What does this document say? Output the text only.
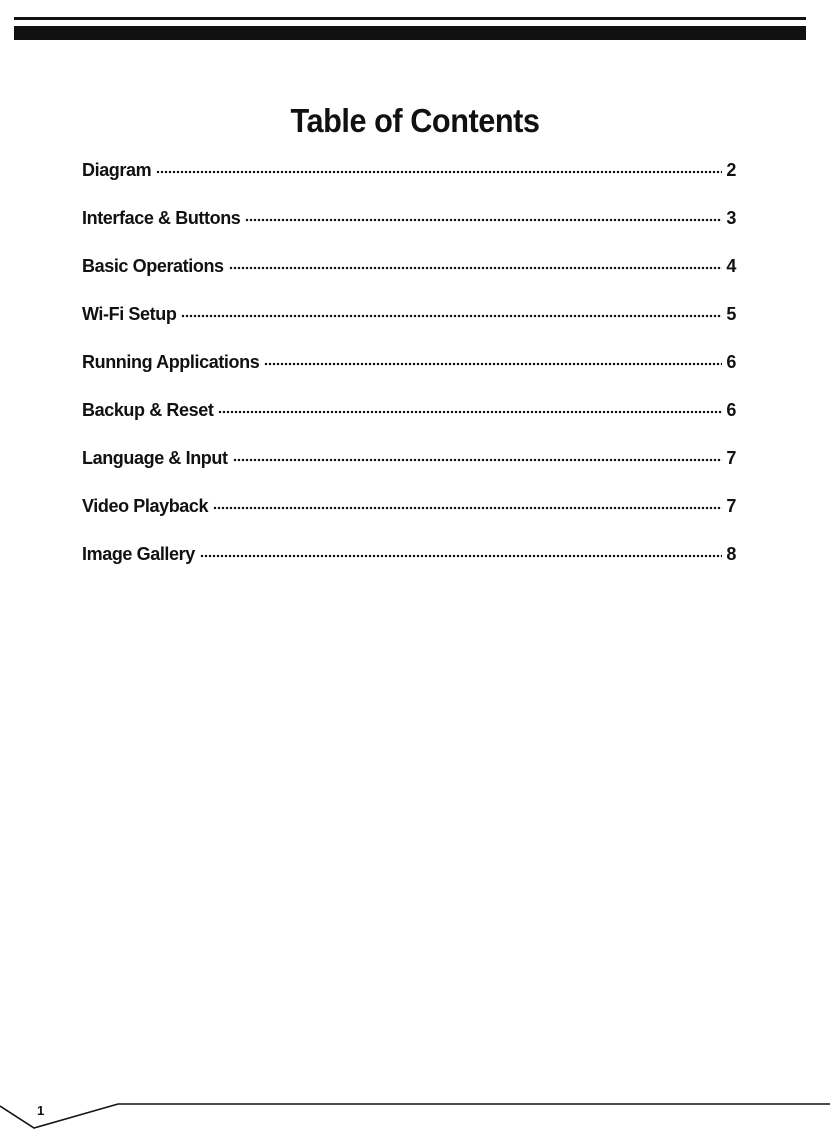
Table of Contents
Diagram	2
Interface & Buttons	3
Basic Operations	4
Wi-Fi Setup	5
Running Applications	6
Backup & Reset	6
Language & Input	7
Video Playback	7
Image Gallery	8
1
